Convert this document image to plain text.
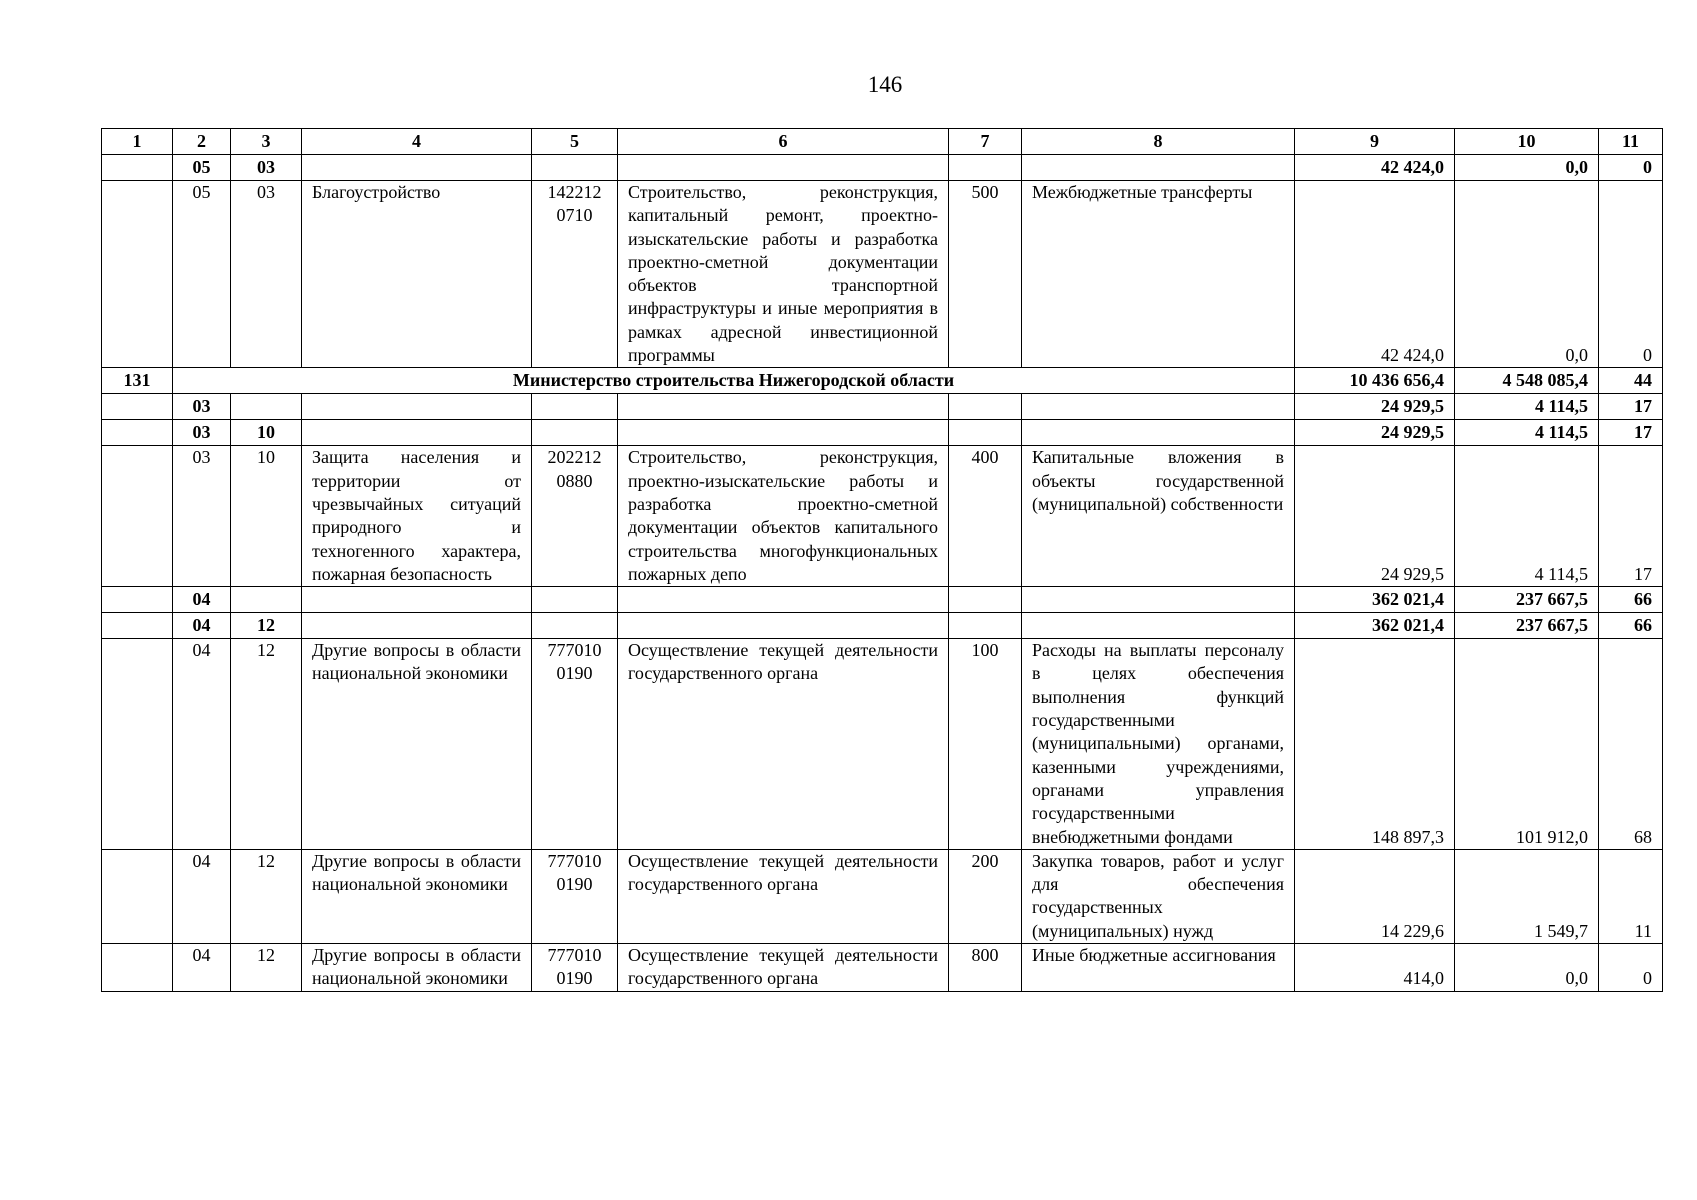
146
1	2	3	4	5	6	7	8	9	10	11
	05	03						42 424,0	0,0	0
	05	03	Благоустройство	142212 0710	Строительство, реконструкция, капитальный ремонт, проектно-изыскательские работы и разработка проектно-сметной документации объектов транспортной инфраструктуры и иные мероприятия в рамках адресной инвестиционной программы	500	Межбюджетные трансферты	42 424,0	0,0	0
131	Министерство строительства Нижегородской области							10 436 656,4	4 548 085,4	44
	03							24 929,5	4 114,5	17
	03	10						24 929,5	4 114,5	17
	03	10	Защита населения и территории от чрезвычайных ситуаций природного и техногенного характера, пожарная безопасность	202212 0880	Строительство, реконструкция, проектно-изыскательские работы и разработка проектно-сметной документации объектов капитального строительства многофункциональных пожарных депо	400	Капитальные вложения в объекты государственной (муниципальной) собственности	24 929,5	4 114,5	17
	04							362 021,4	237 667,5	66
	04	12						362 021,4	237 667,5	66
	04	12	Другие вопросы в области национальной экономики	777010 0190	Осуществление текущей деятельности государственного органа	100	Расходы на выплаты персоналу в целях обеспечения выполнения функций государственными (муниципальными) органами, казенными учреждениями, органами управления государственными внебюджетными фондами	148 897,3	101 912,0	68
	04	12	Другие вопросы в области национальной экономики	777010 0190	Осуществление текущей деятельности государственного органа	200	Закупка товаров, работ и услуг для обеспечения государственных (муниципальных) нужд	14 229,6	1 549,7	11
	04	12	Другие вопросы в области национальной экономики	777010 0190	Осуществление текущей деятельности государственного органа	800	Иные бюджетные ассигнования	414,0	0,0	0
